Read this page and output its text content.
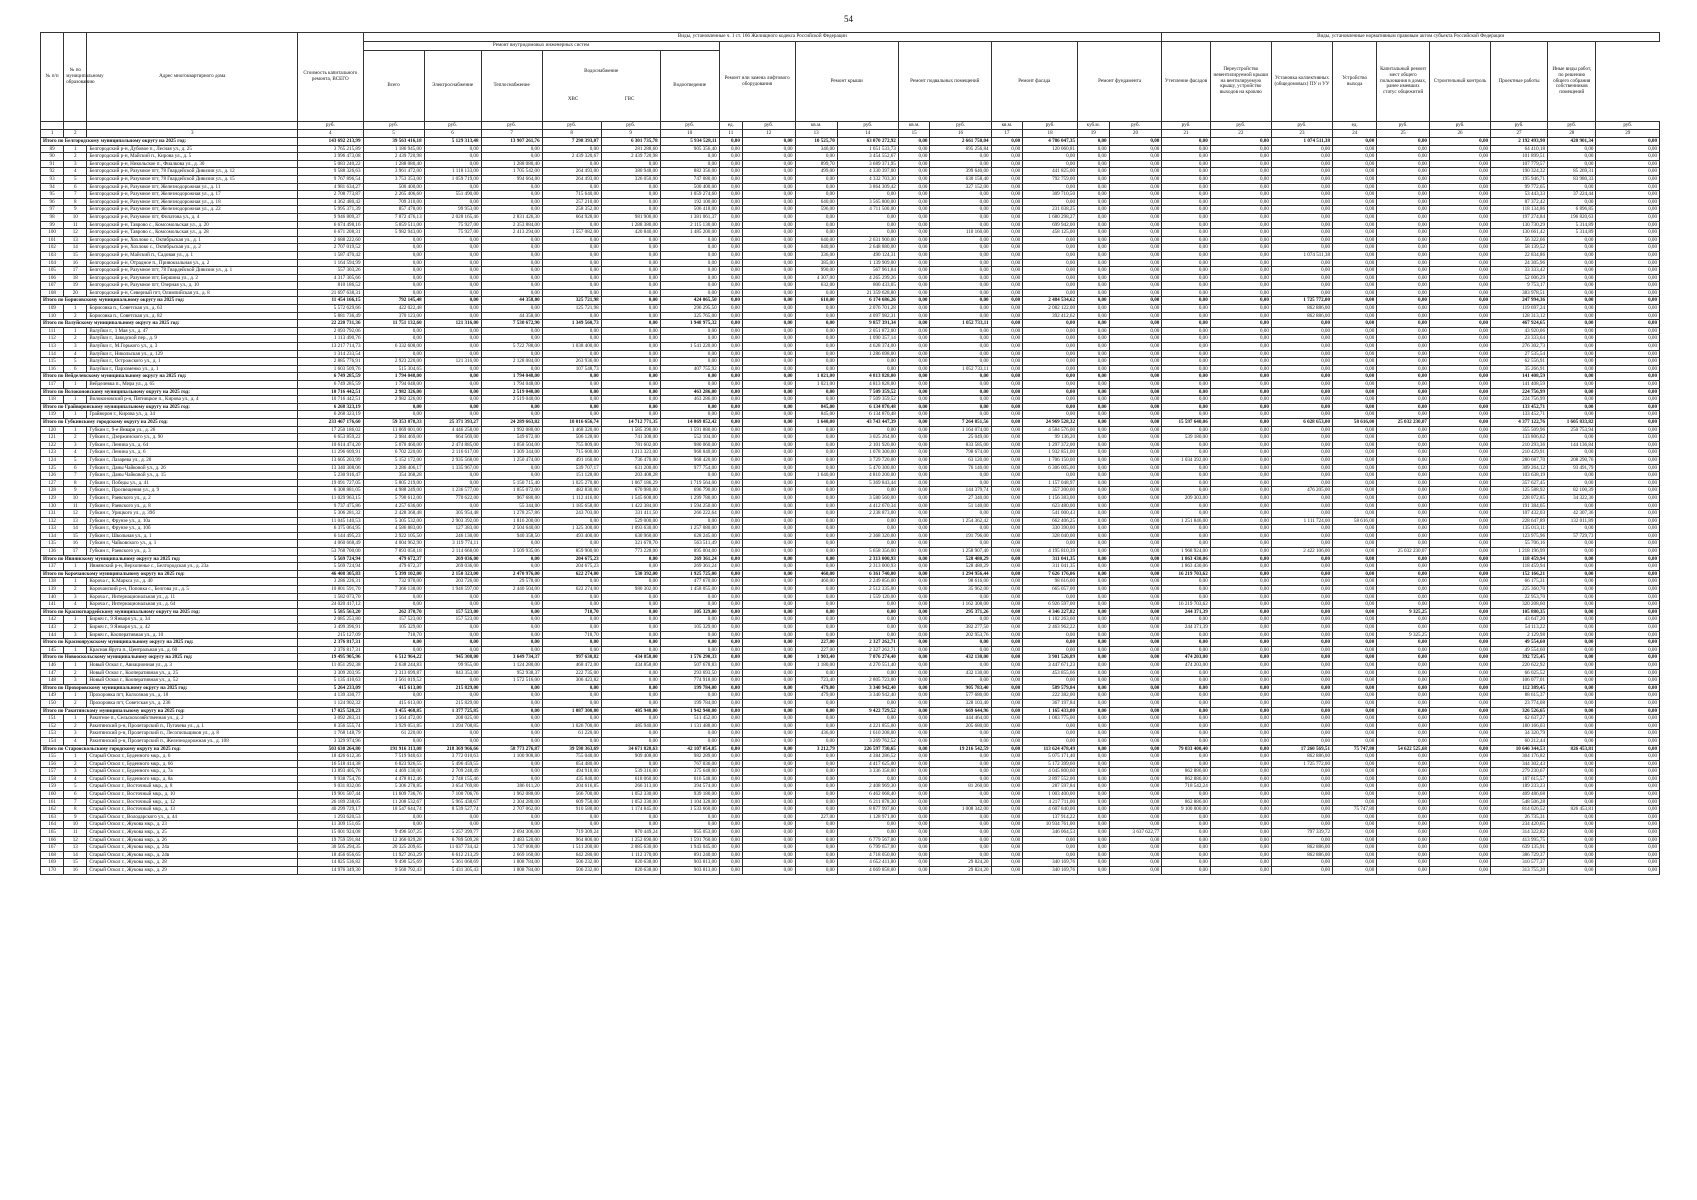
54
№ п/п	№ по муниципальному образованию	Адрес многоквартирного дома	Стоимость капитального ремонта, ВСЕГО	Виды, установленные ч. 1 ст. 166 Жилищного кодекса Российской Федерации																Виды, установленные нормативным правовым актом субъекта Российской Федерации								
				Ремонт внутридомовых инженерных систем						Ремонт или замена лифтового оборудования		Ремонт крыши		Ремонт подвальных помещений		Ремонт фасада		Ремонт фундамента		Утепление фасадов	Переустройство невентилируемой крыши на вентилируемую крышу, устройство выходов на кровлю	Установка коллективных (общедомовых) ПУ и УУ	Устройство выхода	Капитальный ремонт мест общего пользования в домах, ранее имевших статус общежитий	Строительный контроль	Проектные работы	Иные виды работ, по решению общего собрания собственников помещений	
				Всего	Электроснабжение	Теплоснабжение	Водоснабжение
ХВС ГВС		Водоотведение																			

			руб.	руб.	руб.	руб.	руб.	руб.	руб.	ед.	руб.	кв.м.	руб.	кв.м.	руб.	кв.м.	руб.	куб.м.	руб.	руб.	руб.	руб.	ед.	руб.	руб.	руб.	руб.	руб.
1	2	3	4	5	6	7	8	9	10	11	12	13	14	15	16	17	18	19	20	21	22	23	24	25	26	27	28	29
Итого по Белгородскому муниципальному округу на 2025 год:			143 692 213,99	39 563 416,18	5 129 313,48	13 907 261,76	7 298 393,07	6 301 735,78	5 934 528,11	0,00	0,00	10 525,70	63 070 272,92	0,00	2 661 750,04	0,00	4 786 047,35	0,00	0,00	0,00	0,00	1 074 511,38	0,00	0,00	0,00	2 192 493,90	420 901,34	0,00
89	1	Белгородский р-н, Дубовое п., Лесная ул., д. 25	3 765 215,89	1 186 945,00	0,00	0,00	0,00	281 288,60	905 356,40	0,00	0,00	346,00	1 651 533,73	0,00	695 256,84	0,00	120 060,81	0,00	0,00	0,00	0,00	0,00	0,00	0,00	0,00	64 410,18	0,00	0,00
90	2	Белгородский р-н, Майский п., Кирова ул., д. 5	3 996 473,08	2 439 720,98	0,00	0,00	2 439 320,67	2 439 720,98	0,00	0,00	0,00	0,00	3 454 552,67	0,00	0,00	0,00	0,00	0,00	0,00	0,00	0,00	0,00	0,00	0,00	0,00	101 899,51	0,00	0,00
91	3	Белгородский р-н, Никольское п., Фиалкова ул., д. 30	5 083 240,22	1 288 080,40	0,00	1 288 080,40	0,00	0,00	0,00	0,00	0,00	899,70	3 689 371,95	0,00	0,00	0,00	0,00	0,00	0,00	0,00	0,00	0,00	0,00	0,00	0,00	107 779,57	0,00	0,00
92	4	Белгородский р-н, Разумное пгт, 78 Гвардейской Дивизии ул., д. 12	9 588 326,63	3 961 472,00	1 118 133,00	1 705 542,00	264 493,00	380 948,00	882 356,00	0,00	0,00	499,00	4 330 397,00	0,00	399 640,00	0,00	441 825,00	0,00	0,00	0,00	0,00	0,00	0,00	0,00	0,00	190 324,32	85 269,31	0,00
93	5	Белгородский р-н, Разумное пгт, 78 Гвардейской Дивизии ул., д. 15	9 767 896,54	3 753 353,00	1 059 719,00	994 664,00	264 493,00	326 050,00	747 080,00	0,00	0,00	0,00	4 332 703,30	0,00	630 158,40	0,00	792 759,00	0,00	0,00	0,00	0,00	0,00	0,00	0,00	0,00	195 946,71	83 980,33	0,00
94	6	Белгородский р-н, Разумное пгт, Железнодорожная ул., д. 11	4 981 634,27	500 400,00	0,00	0,00	0,00	0,00	500 400,00	0,00	0,00	0,00	3 864 309,42	0,00	327 152,00	0,00	0,00	0,00	0,00	0,00	0,00	0,00	0,00	0,00	0,00	99 772,65	0,00	0,00
95	7	Белгородский р-н, Разумное пгт, Железнодорожная ул., д. 17	2 708 773,87	2 265 406,60	551 490,00	0,00	715 640,00	0,00	1 059 274,60	0,00	0,00	0,00	0,00	0,00	0,00	0,00	309 710,50	0,00	0,00	0,00	0,00	0,00	0,00	0,00	0,00	53 443,33	37 224,44	0,00
96	8	Белгородский р-н, Разумное пгт, Железнодорожная ул., д. 18	4 362 480,42	709 310,00	0,00	0,00	257 210,00	0,00	192 100,00	0,00	0,00	640,00	3 565 800,00	0,00	0,00	0,00	0,00	0,00	0,00	0,00	0,00	0,00	0,00	0,00	0,00	87 372,42	0,00	0,00
97	9	Белгородский р-н, Разумное пгт, Железнодорожная ул., д. 22	5 995 371,39	857 478,00	99 953,00	0,00	258 352,00	0,00	506 418,00	0,00	0,00	596,00	4 711 500,00	0,00	0,00	0,00	231 038,25	0,00	0,00	0,00	0,00	0,00	0,00	0,00	0,00	118 134,86	6 896,85	0,00
98	10	Белгородский р-н, Разумное пгт, Филатова ул., д. 4	9 946 809,37	7 872 476,13	2 028 165,46	2 831 426,30	664 928,00	981 900,00	1 381 061,37	0,00	0,00	0,00	0,00	0,00	0,00	0,00	1 680 298,27	0,00	0,00	0,00	0,00	0,00	0,00	0,00	0,00	197 274,84	196 820,63	0,00
99	11	Белгородский р-н, Таврово с., Комсомольская ул., д. 20	6 674 498,16	5 859 511,00	75 927,00	2 353 884,00	0,00	1 288 380,00	2 115 130,00	0,00	0,00	0,00	0,00	0,00	0,00	0,00	699 942,00	0,00	0,00	0,00	0,00	0,00	0,00	0,00	0,00	130 730,29	5 314,89	0,00
100	12	Белгородский р-н, Таврово с., Комсомольская ул., д. 28	6 671 208,31	5 982 943,00	75 927,00	2 413 294,00	1 557 082,00	420 840,00	1 485 200,00	0,00	0,00	0,00	0,00	0,00	110 160,00	0,00	458 125,00	0,00	0,00	0,00	0,00	0,00	0,00	0,00	0,00	130 661,42	5 314,89	0,00
101	13	Белгородский р-н, Хохлово с., Октябрьская ул., д. 1	2 688 222,60	0,00	0,00	0,00	0,00	0,00	0,00	0,00	0,00	640,00	2 631 900,00	0,00	0,00	0,00	0,00	0,00	0,00	0,00	0,00	0,00	0,00	0,00	0,00	56 322,66	0,00	0,00
102	14	Белгородский р-н, Хохлово с., Октябрьская ул., д. 2	2 707 019,52	0,00	0,00	0,00	0,00	0,00	0,00	0,00	0,00	640,00	2 648 880,00	0,00	0,00	0,00	0,00	0,00	0,00	0,00	0,00	0,00	0,00	0,00	0,00	58 139,52	0,00	0,00
103	15	Белгородский р-н, Майский п., Садовая ул., д. 1	1 587 470,42	0,00	0,00	0,00	0,00	0,00	0,00	0,00	0,00	336,00	490 124,31	0,00	0,00	0,00	0,00	0,00	0,00	0,00	0,00	1 074 511,38	0,00	0,00	0,00	22 834,86	0,00	0,00
104	16	Белгородский р-н, Отрадное п., Привокзальная ул., д. 2	1 164 594,99	0,00	0,00	0,00	0,00	0,00	0,00	0,00	0,00	385,00	1 139 909,00	0,00	0,00	0,00	0,00	0,00	0,00	0,00	0,00	0,00	0,00	0,00	0,00	24 305,96	0,00	0,00
105	17	Белгородский р-н, Разумное пгт, 78 Гвардейской Дивизии ул., д. 1	557 303,26	0,00	0,00	0,00	0,00	0,00	0,00	0,00	0,00	990,00	567 961,84	0,00	0,00	0,00	0,00	0,00	0,00	0,00	0,00	0,00	0,00	0,00	0,00	33 333,42	0,00	0,00
106	18	Белгородский р-н, Разумное пгт, Бершина ул., д. 2	4 317 305,66	0,00	0,00	0,00	0,00	0,00	0,00	0,00	0,00	4 307,00	4 265 299,26	0,00	0,00	0,00	0,00	0,00	0,00	0,00	0,00	0,00	0,00	0,00	0,00	52 006,29	0,00	0,00
107	19	Белгородский р-н, Разумное пгт, Озерная ул., д. 10	810 186,52	0,00	0,00	0,00	0,00	0,00	0,00	0,00	0,00	632,00	800 433,05	0,00	0,00	0,00	0,00	0,00	0,00	0,00	0,00	0,00	0,00	0,00	0,00	9 753,17	0,00	0,00
108	20	Белгородский р-н, Северный пгт, Олимпийская ул., д. 8	21 697 638,31	0,00	0,00	0,00	0,00	0,00	0,00	0,00	0,00	0,00	21 359 628,80	0,00	0,00	0,00	0,00	0,00	0,00	0,00	0,00	0,00	0,00	0,00	0,00	383 978,51	0,00	0,00
Итого по Борисовскому муниципальному округу на 2025 год:			11 454 166,15	792 145,48	0,00	44 358,00	325 721,98	0,00	424 065,50	0,00	0,00	610,00	6 174 686,26	0,00	0,00	0,00	2 484 534,62	0,00	0,00	0,00	0,00	1 725 772,00	0,00	0,00	0,00	247 994,36	0,00	0,00
109	1	Борисовка п., Советская ул., д. 63	5 572 629,66	422 022,48	0,00	0,00	125 721,98	0,00	296 295,50	0,00	0,00	0,00	2 076 701,28	0,00	0,00	0,00	2 082 122,00	0,00	0,00	0,00	0,00	862 886,00	0,00	0,00	0,00	119 697,24	0,00	0,00
110	2	Борисовка п., Советская ул., д. 82	5 881 736,49	370 123,00	0,00	44 358,00	0,00	0,00	325 765,00	0,00	0,00	0,00	4 097 982,31	0,00	0,00	0,00	392 412,62	0,00	0,00	0,00	0,00	862 886,00	0,00	0,00	0,00	128 313,12	0,00	0,00
Итого по Валуйскому муниципальному округу на 2025 год:			22 220 731,36	11 751 132,60	121 316,00	7 530 672,90	1 349 560,73	0,00	1 948 975,32	0,00	0,00	0,00	9 857 391,34	0,00	1 052 733,11	0,00	0,00	0,00	0,00	0,00	0,00	0,00	0,00	0,00	0,00	467 924,65	0,00	0,00
111	1	Валуйки г., 1 Мая ул., д. 47	2 093 792,06	0,00	0,00	0,00	0,00	0,00	0,00	0,00	0,00	0,00	2 051 872,00	0,00	0,00	0,00	0,00	0,00	0,00	0,00	0,00	0,00	0,00	0,00	0,00	43 920,06	0,00	0,00
112	2	Валуйки г., Заводской пер., д. 9	1 113 490,76	0,00	0,00	0,00	0,00	0,00	0,00	0,00	0,00	0,00	1 090 357,14	0,00	0,00	0,00	0,00	0,00	0,00	0,00	0,00	0,00	0,00	0,00	0,00	23 333,64	0,00	0,00
113	3	Валуйки г., М.Горького ул., д. 3	13 217 714,73	6 332 608,00	0,00	5 722 788,00	1 038 400,00	0,00	1 541 220,00	0,00	0,00	0,00	4 628 374,00	0,00	0,00	0,00	0,00	0,00	0,00	0,00	0,00	0,00	0,00	0,00	0,00	276 302,73	0,00	0,00
114	4	Валуйки г., Никольская ул., д. 129	1 314 233,54	0,00	0,00	0,00	0,00	0,00	0,00	0,00	0,00	0,00	1 286 698,00	0,00	0,00	0,00	0,00	0,00	0,00	0,00	0,00	0,00	0,00	0,00	0,00	27 535,54	0,00	0,00
115	5	Валуйки г., Острожского ул., д. 1	2 885 776,91	2 923 220,00	121 316,00	2 128 084,00	263 936,00	0,00	0,00	0,00	0,00	0,00	0,00	0,00	0,00	0,00	0,00	0,00	0,00	0,00	0,00	0,00	0,00	0,00	0,00	62 556,91	0,00	0,00
116	6	Валуйки г., Пархоменко ул., д. 1	1 603 509,76	515 304,65	0,00	0,00	107 548,73	0,00	407 755,92	0,00	0,00	0,00	0,00	0,00	1 052 733,11	0,00	0,00	0,00	0,00	0,00	0,00	0,00	0,00	0,00	0,00	35 266,91	0,00	0,00
Итого по Вейделевскому муниципальному округу на 2025 год:			6 749 285,59	1 794 048,00	0,00	1 794 048,00	0,00	0,00	0,00	0,00	0,00	1 021,00	4 813 828,00	0,00	0,00	0,00	0,00	0,00	0,00	0,00	0,00	0,00	0,00	0,00	0,00	141 408,59	0,00	0,00
117	1	Вейделевка п., Мира ул., д. 65	6 749 285,59	1 794 048,00	0,00	1 794 048,00	0,00	0,00	0,00	0,00	0,00	1 021,00	4 813 828,00	0,00	0,00	0,00	0,00	0,00	0,00	0,00	0,00	0,00	0,00	0,00	0,00	141 408,59	0,00	0,00
Итого по Волоконовскому муниципальному округу на 2025 год:			10 716 442,51	2 982 326,00	0,00	2 519 040,00	0,00	0,00	463 286,00	0,00	0,00	0,00	7 509 359,52	0,00	0,00	0,00	0,00	0,00	0,00	0,00	0,00	0,00	0,00	0,00	0,00	224 756,99	0,00	0,00
118	1	Волоконовский р-н, Пятницкое п., Кирова ул., д. 4	10 716 442,51	2 982 326,00	0,00	2 519 040,00	0,00	0,00	463 286,00	0,00	0,00	0,00	7 509 359,52	0,00	0,00	0,00	0,00	0,00	0,00	0,00	0,00	0,00	0,00	0,00	0,00	224 756,99	0,00	0,00
Итого по Грайворонскому муниципальному округу на 2025 год:			6 268 323,19	0,00	0,00	0,00	0,00	0,00	0,00	0,00	0,00	845,00	6 134 870,48	0,00	0,00	0,00	0,00	0,00	0,00	0,00	0,00	0,00	0,00	0,00	0,00	133 452,71	0,00	0,00
119	1	Грайворон г., Кирова ул., д. 34	6 268 323,19	0,00	0,00	0,00	0,00	0,00	0,00	0,00	0,00	845,00	6 134 870,48	0,00	0,00	0,00	0,00	0,00	0,00	0,00	0,00	0,00	0,00	0,00	0,00	133 452,71	0,00	0,00
Итого по Губкинскому городскому округу на 2025 год:			233 467 176,60	59 353 878,33	25 371 393,27	24 289 663,82	10 016 656,74	14 712 771,35	14 869 852,42	0,00	0,00	1 640,00	43 743 447,39	0,00	7 264 851,56	0,00	24 969 528,32	0,00	0,00	15 597 640,06	0,00	6 028 653,00	58 616,00	25 032 230,07	0,00	4 377 122,76	1 605 833,82	0,00
120	1	Губкин г., 9-е Января ул., д. 26	17 250 186,02	11 069 001,00	4 446 258,00	1 992 080,00	1 468 320,00	1 585 390,00	1 591 880,00	0,00	0,00	0,00	0,00	0,00	1 164 074,00	0,00	4 584 576,00	0,00	0,00	0,00	0,00	0,00	0,00	0,00	0,00	355 509,96	250 753,94	0,00
121	2	Губкин г., Дзержинского ул., д. 90	6 653 859,22	2 984 469,00	664 569,00	549 672,00	506 128,00	741 308,00	552 104,00	0,00	0,00	0,00	3 025 264,00	0,00	25 049,00	0,00	99 136,20	0,00	0,00	539 180,00	0,00	0,00	0,00	0,00	0,00	133 806,62	0,00	0,00
122	3	Губкин г., Ленина ул., д. 64	10 614 474,20	5 070 460,00	2 474 885,00	1 058 504,00	755 809,00	781 602,00	980 060,00	0,00	0,00	0,00	2 101 920,00	0,00	833 585,00	0,00	1 297 372,00	0,00	0,00	0,00	0,00	0,00	0,00	0,00	0,00	210 293,36	144 136,84	0,00
123	4	Губкин г., Ленина ул., д. 6	11 296 609,91	6 702 220,00	2 116 617,00	1 309 344,00	715 600,00	1 213 323,00	968 840,00	0,00	0,00	0,00	1 078 300,00	0,00	798 674,00	0,00	1 932 851,00	0,00	0,00	0,00	0,00	0,00	0,00	0,00	0,00	210 429,91	0,00	0,00
124	5	Губкин г., Лазарева ул., д. 20	13 605 203,99	5 152 172,00	2 935 568,00	1 250 474,00	491 160,00	736 470,00	968 420,00	0,00	0,00	0,00	3 729 720,00	0,00	63 120,00	0,00	1 706 150,00	0,00	0,00	1 034 392,00	0,00	0,00	0,00	0,00	0,00	280 687,70	208 290,76	0,00
125	6	Губкин г., Даны Чайковой ул., д. 26	13 340 308,06	3 286 406,17	1 335 967,00	0,00	539 707,17	631 200,00	977 754,00	0,00	0,00	0,00	5 470 300,00	0,00	76 140,00	0,00	6 306 005,00	0,00	0,00	0,00	0,00	0,00	0,00	0,00	0,00	309 264,12	93 491,79	0,00
126	7	Губкин г., Даны Чайковой ул., д. 15	5 230 916,47	354 368,28	0,00	0,00	151 128,00	203 408,28	0,00	0,00	0,00	1 640,00	4 810 200,00	0,00	0,00	0,00	0,00	0,00	0,00	0,00	0,00	0,00	0,00	0,00	0,00	103 638,19	0,00	0,00
127	8	Губкин г., Победы ул., д. 41	19 091 727,05	5 805 219,00	0,00	5 150 715,40	1 025 270,80	1 067 186,29	1 719 564,00	0,00	0,00	0,00	5 369 843,44	0,00	0,00	0,00	1 157 048,97	0,00	0,00	0,00	0,00	0,00	0,00	0,00	0,00	357 627,45	0,00	0,00
128	9	Губкин г., Просвещения ул., д. 9	6 308 881,05	4 988 249,00	1 236 577,00	1 855 072,00	482 830,00	670 980,00	696 790,00	0,00	0,00	0,00	0,00	0,00	144 379,74	0,00	357 200,00	0,00	0,00	0,00	0,00	476 205,00	0,00	0,00	0,00	125 588,92	82 100,39	0,00
129	10	Губкин г., Раевского ул., д. 2	11 029 963,15	5 790 612,00	770 622,00	967 680,00	1 112 416,00	1 545 608,00	1 299 780,00	0,00	0,00	0,00	3 580 560,00	0,00	27 340,00	0,00	1 156 383,00	0,00	0,00	209 303,00	0,00	0,00	0,00	0,00	0,00	228 072,85	34 322,30	0,00
130	11	Губкин г., Раевского ул., д. 8	9 737 475,86	4 257 636,00	0,00	55 344,00	1 185 658,00	1 422 384,00	1 594 250,00	0,00	0,00	0,00	4 412 670,34	0,00	51 140,00	0,00	623 480,00	0,00	0,00	0,00	0,00	0,00	0,00	0,00	0,00	191 384,65	0,00	0,00
131	12	Губкин г., Урицкого ул., д. 39б	5 306 281,32	2 428 368,48	305 954,48	1 278 257,86	243 703,00	331 411,50	266 222,64	0,00	0,00	0,00	2 238 873,00	0,00	0,00	0,00	541 000,43	0,00	0,00	0,00	0,00	0,00	0,00	0,00	0,00	107 432,03	42 307,36	0,00
132	13	Губкин г., Фрунзе ул., д. 10а	11 045 140,53	5 305 532,00	2 903 392,00	1 816 200,00	0,00	529 000,00	0,00	0,00	0,00	0,00	0,00	0,00	1 254 362,42	0,00	662 406,25	0,00	0,00	1 251 846,00	0,00	1 111 724,00	58 616,00	0,00	0,00	228 647,89	132 011,89	0,00
133	14	Губкин г., Фрунзе ул., д. 10б	6 375 064,95	4 586 883,00	127 383,00	2 504 640,00	1 325 300,00	1 093 630,00	1 257 080,00	0,00	0,00	0,00	0,00	0,00	0,00	0,00	330 390,00	0,00	0,00	0,00	0,00	0,00	0,00	0,00	0,00	135 013,11	0,00	0,00
134	15	Губкин г., Школьная ул., д. 1	6 144 495,23	2 922 105,50	246 130,00	940 358,50	493 400,00	630 960,00	628 245,00	0,00	0,00	0,00	2 368 320,00	0,00	191 796,00	0,00	328 040,00	0,00	0,00	0,00	0,00	0,00	0,00	0,00	0,00	123 975,96	57 729,73	0,00
135	16	Губкин г., Чайковского ул., д. 1	4 060 668,49	4 004 962,90	3 119 774,11	0,00	0,00	321 678,70	563 511,49	0,00	0,00	0,00	0,00	0,00	0,00	0,00	0,00	0,00	0,00	0,00	0,00	0,00	0,00	0,00	0,00	55 706,16	0,00	0,00
136	17	Губкин г., Раевского ул., д. 3	53 768 700,00	7 893 050,18	2 114 668,00	3 509 935,06	859 900,00	773 228,00	895 004,00	0,00	0,00	0,00	5 658 356,00	0,00	1 258 907,40	0,00	4 195 810,39	0,00	0,00	1 968 924,00	0,00	2 422 106,00	0,00	25 032 230,07	0,00	1 218 196,99	0,00	0,00
Итого по Ивнянскому муниципальному округу на 2025 год:			5 569 724,94	479 672,37	269 036,00	0,00	204 675,23	0,00	269 361,24	0,00	0,00	0,00	2 313 000,93	0,00	528 480,29	0,00	311 041,35	0,00	0,00	1 863 430,06	0,00	0,00	0,00	0,00	0,00	118 459,94	0,00	0,00
137	1	Ивнянский р-н, Верхопенье с., Белгородская ул., д. 23а	5 569 724,94	479 672,37	269 036,00	0,00	204 675,23	0,00	269 361,24	0,00	0,00	0,00	2 313 000,93	0,00	528 480,29	0,00	311 041,35	0,00	0,00	1 863 430,06	0,00	0,00	0,00	0,00	0,00	118 459,94	0,00	0,00
Итого по Корочанскому муниципальному округу на 2025 год:			46 408 305,83	5 399 102,00	2 150 323,00	2 470 976,00	622 274,00	530 392,00	1 925 725,00	0,00	0,00	460,00	6 361 740,00	0,00	1 294 956,44	0,00	7 626 176,06	0,00	0,00	16 219 703,62	0,00	0,00	0,00	0,00	0,00	152 166,21	0,00	0,00
138	1	Короча г., К.Маркса ул., д. 40	3 286 226,31	732 970,00	203 726,00	29 578,00	0,00	0,00	477 670,00	0,00	0,00	460,00	2 249 856,00	0,00	98 616,00	0,00	98 616,00	0,00	0,00	0,00	0,00	0,00	0,00	0,00	0,00	66 175,31	0,00	0,00
139	2	Корочанский р-н, Поповка с., Белгова ул., д. 5	10 801 591,70	7 366 138,00	1 946 597,00	2 440 504,00	622 274,00	980 302,00	1 458 055,00	0,00	0,00	0,00	2 512 335,00	0,00	35 962,00	0,00	665 057,00	0,00	0,00	0,00	0,00	0,00	0,00	0,00	0,00	225 360,70	0,00	0,00
140	3	Короча г., Интернациональная ул., д. 11	1 582 073,70	0,00	0,00	0,00	0,00	0,00	0,00	0,00	0,00	0,00	1 559 120,00	0,00	0,00	0,00	0,00	0,00	0,00	0,00	0,00	0,00	0,00	0,00	0,00	22 953,70	0,00	0,00
141	4	Короча г., Интернациональная ул., д. 64	24 020 417,12	0,00	0,00	0,00	0,00	0,00	0,00	0,00	0,00	0,00	0,00	0,00	1 162 308,00	0,00	6 926 597,00	0,00	0,00	16 219 703,62	0,00	0,00	0,00	0,00	0,00	320 208,60	0,00	0,00
Итого по Красногвардейскому муниципальному округу на 2025 год:			5 585 563,20	262 370,70	157 523,00	0,00	718,70	0,00	105 329,00	0,00	0,00	0,00	0,00	0,00	295 371,26	0,00	4 346 227,82	0,00	0,00	244 371,39	0,00	0,00	0,00	9 325,25	0,00	105 880,35	0,00	0,00
142	1	Бирюч г., 9 Января ул., д. 34	2 085 253,80	157 523,00	157 523,00	0,00	0,00	0,00	0,00	0,00	0,00	0,00	0,00	0,00	0,00	0,00	1 182 263,60	0,00	0,00	0,00	0,00	0,00	0,00	0,00	0,00	43 647,20	0,00	0,00
143	2	Бирюч г., 9 Января ул., д. 42	3 499 396,91	105 329,00	0,00	0,00	0,00	0,00	105 329,00	0,00	0,00	0,00	0,00	0,00	382 277,50	0,00	2 463 962,22	0,00	0,00	244 371,39	0,00	0,00	0,00	0,00	0,00	54 113,22	0,00	0,00
144	3	Бирюч г., Кооперативная ул., д. 10	215 127,09	718,70	0,00	0,00	718,70	0,00	0,00	0,00	0,00	0,00	0,00	0,00	202 953,76	0,00	0,00	0,00	0,00	0,00	0,00	0,00	0,00	9 325,25	0,00	2 129,98	0,00	0,00
Итого по Краснояружскому муниципальному округу на 2025 год:			2 376 817,31	0,00	0,00	0,00	0,00	0,00	0,00	0,00	0,00	227,00	2 327 262,71	0,00	0,00	0,00	0,00	0,00	0,00	0,00	0,00	0,00	0,00	0,00	0,00	49 554,60	0,00	0,00
145	1	Красная Яруга п., Центральная ул., д. 60	2 376 817,31	0,00	0,00	0,00	0,00	0,00	0,00	0,00	0,00	227,00	2 327 262,71	0,00	0,00	0,00	0,00	0,00	0,00	0,00	0,00	0,00	0,00	0,00	0,00	49 554,60	0,00	0,00
Итого по Новооскольскому муниципальному округу на 2025 год:			19 495 905,96	6 512 964,22	945 308,00	3 649 734,37	997 630,82	434 858,00	1 576 290,33	0,00	0,00	1 903,40	7 076 274,40	0,00	432 130,00	0,00	3 901 526,89	0,00	0,00	474 203,00	0,00	0,00	0,00	0,00	0,00	392 725,45	0,00	0,00
146	1	Новый Оскол г., Авиационная ул., д. 3	11 051 292,38	2 638 244,83	99 955,00	1 124 280,00	468 472,00	434 858,00	507 678,83	0,00	0,00	1 180,00	4 270 551,40	0,00	0,00	0,00	3 447 671,23	0,00	0,00	474 203,00	0,00	0,00	0,00	0,00	0,00	220 622,92	0,00	0,00
147	2	Новый Оскол г., Кооперативная ул., д. 25	3 309 203,95	2 313 699,87	843 353,00	952 938,37	222 735,00	0,00	293 693,50	0,00	0,00	0,00	0,00	0,00	432 130,00	0,00	453 855,66	0,00	0,00	0,00	0,00	0,00	0,00	0,00	0,00	66 025,52	0,00	0,00
148	3	Новый Оскол г., Кооперативная ул., д. 52	5 135 410,63	1 561 019,52	0,00	1 572 516,00	306 423,82	0,00	774 918,00	0,00	0,00	723,40	2 805 723,00	0,00	0,00	0,00	0,00	0,00	0,00	0,00	0,00	0,00	0,00	0,00	0,00	106 077,01	0,00	0,00
Итого по Прохоровскому муниципальному округу на 2025 год:			5 264 233,09	415 613,00	215 829,00	0,00	0,00	0,00	199 784,00	0,00	0,00	479,00	3 340 942,40	0,00	905 783,40	0,00	589 579,84	0,00	0,00	0,00	0,00	0,00	0,00	0,00	0,00	112 389,45	0,00	0,00
149	1	Прохоровка пгт, Колхозная ул., д. 18	4 139 330,77	0,00	0,00	0,00	0,00	0,00	0,00	0,00	0,00	479,00	3 340 942,40	0,00	577 680,00	0,00	222 382,00	0,00	0,00	0,00	0,00	0,00	0,00	0,00	0,00	88 615,37	0,00	0,00
150	2	Прохоровка пгт, Советская ул., д. 236	1 124 902,32	415 613,00	215 829,00	0,00	0,00	0,00	199 784,00	0,00	0,00	0,00	0,00	0,00	328 103,40	0,00	367 197,84	0,00	0,00	0,00	0,00	0,00	0,00	0,00	0,00	23 774,08	0,00	0,00
Итого по Ракитянскому муниципальному округу на 2025 год:			17 025 520,23	3 455 468,85	1 377 725,85	0,00	1 087 300,00	485 940,00	1 942 940,00	0,00	0,00	0,00	9 422 729,52	0,00	669 644,96	0,00	1 165 433,00	0,00	0,00	0,00	0,00	0,00	0,00	0,00	0,00	326 526,65	0,00	0,00
151	1	Ракитное п., Сельскохозяйственная ул., д. 2	3 092 283,31	1 564 472,00	208 025,00	0,00	0,00	0,00	511 452,00	0,00	0,00	0,00	0,00	0,00	444 464,00	0,00	1 083 775,00	0,00	0,00	0,00	0,00	0,00	0,00	0,00	0,00	62 637,27	0,00	0,00
152	2	Ракитянский р-н, Пролетарский п., Пугачева ул., д. 1	8 356 555,74	3 929 051,85	1 294 708,85	0,00	1 026 700,00	485 940,00	1 131 488,00	0,00	0,00	0,00	4 221 855,00	0,00	205 680,00	0,00	0,00	0,00	0,00	0,00	0,00	0,00	0,00	0,00	0,00	180 166,03	0,00	0,00
153	3	Ракитянский р-н, Пролетарский п., Лесопильщиков ул., д. 8	1 768 148,79	61 220,00	0,00	0,00	61 220,00	0,00	0,00	0,00	0,00	436,00	1 610 208,00	0,00	0,00	0,00	0,00	0,00	0,00	0,00	0,00	0,00	0,00	0,00	0,00	34 320,79	0,00	0,00
154	4	Ракитянский р-н, Пролетарский п., Железнодорожная ул., д. 108	3 329 974,96	0,00	0,00	0,00	0,00	0,00	0,00	0,00	0,00	0,00	3 269 762,52	0,00	0,00	0,00	0,00	0,00	0,00	0,00	0,00	0,00	0,00	0,00	0,00	60 212,44	0,00	0,00
Итого по Старооскольскому городскому округу на 2025 год:			503 630 264,80	191 916 313,08	218 369 966,66	58 773 276,87	39 598 363,69	34 671 828,63	42 107 054,85	0,00	0,00	3 212,79	226 597 730,65	0,00	19 216 542,59	0,00	113 624 478,49	0,00	0,00	79 033 400,40	0,00	17 260 569,51	75 747,80	54 622 525,68	0,00	10 646 344,53	826 453,81	0,00
155	1	Старый Оскол г., Буденного мкр., д. 6	18 426 612,36	7 519 940,63	3 772 010,63	1 100 908,80	755 040,00	909 408,00	982 289,00	0,00	0,00	0,00	4 384 286,52	0,00	0,00	0,00	5 075 171,40	0,00	0,00	0,00	0,00	862 886,00	0,00	0,00	0,00	304 176,82	0,00	0,00
156	2	Старый Оскол г., Буденного мкр., д. 66	16 518 414,38	6 823 926,55	5 496 459,55	0,00	654 480,00	0,00	767 036,00	0,00	0,00	0,00	4 417 625,00	0,00	0,00	0,00	5 172 399,60	0,00	0,00	0,00	0,00	1 725 772,00	0,00	0,00	0,00	344 302,43	0,00	0,00
157	3	Старый Оскол г., Буденного мкр., д. 7а	13 893 405,76	4 469 130,00	2 709 248,49	0,00	494 918,00	539 316,00	375 648,00	0,00	0,00	0,00	3 336 358,00	0,00	0,00	0,00	4 045 800,60	0,00	0,00	862 886,00	0,00	0,00	0,00	0,00	0,00	279 230,67	0,00	0,00
158	4	Старый Оскол г., Буденного мкр., д. 8а	9 938 754,76	4 478 812,46	2 748 155,46	0,00	435 840,00	618 060,00	616 548,00	0,00	0,00	0,00	0,00	0,00	0,00	0,00	3 897 552,00	0,00	0,00	862 886,00	0,00	0,00	0,00	0,00	0,00	187 615,57	0,00	0,00
159	5	Старый Оскол г., Восточный мкр., д. 8	9 031 832,06	5 306 278,85	3 654 769,80	386 011,20	204 616,85	266 313,00	394 574,00	0,00	0,00	0,00	2 408 969,30	0,00	81 260,00	0,00	287 597,84	0,00	0,00	718 542,24	0,00	0,00	0,00	0,00	0,00	189 233,23	0,00	0,00
160	6	Старый Оскол г., Восточный мкр., д. 10	19 901 507,44	11 609 736,76	7 100 706,76	1 962 088,00	566 700,00	1 052 330,00	939 180,00	0,00	0,00	0,00	6 462 068,40	0,00	0,00	0,00	1 003 400,00	0,00	0,00	0,00	0,00	0,00	0,00	0,00	0,00	409 486,68	0,00	0,00
161	7	Старый Оскол г., Восточный мкр., д. 12	26 189 238,05	11 208 532,67	5 965 438,67	2 304 280,00	609 750,00	1 052 330,00	1 104 328,00	0,00	0,00	0,00	6 211 878,30	0,00	0,00	0,00	4 217 711,00	0,00	0,00	862 886,00	0,00	0,00	0,00	0,00	0,00	548 506,28	0,00	0,00
162	8	Старый Оскол г., Восточный мкр., д. 13	40 299 729,17	18 547 644,74	8 539 527,74	2 707 062,00	910 580,00	1 174 845,00	1 533 660,00	0,00	0,00	0,00	8 877 997,60	0,00	1 008 342,00	0,00	4 607 840,00	0,00	0,00	9 100 000,00	0,00	0,00	75 747,80	0,00	0,00	814 026,52	826 453,81	0,00
163	9	Старый Оскол г., Володарского ул., д. 44	1 293 620,53	0,00	0,00	0,00	0,00	0,00	0,00	0,00	0,00	227,00	1 128 971,00	0,00	0,00	0,00	137 914,22	0,00	0,00	0,00	0,00	0,00	0,00	0,00	0,00	26 735,31	0,00	0,00
164	10	Старый Оскол г., Жукова мкр., д. 23	11 309 151,65	0,00	0,00	0,00	0,00	0,00	0,00	0,00	0,00	0,00	0,00	0,00	0,00	0,00	10 934 761,00	0,00	0,00	0,00	0,00	0,00	0,00	0,00	0,00	234 420,65	0,00	0,00
165	11	Старый Оскол г., Жукова мкр., д. 25	15 001 924,08	9 496 507,25	5 257 399,77	2 694 306,00	719 309,24	870 449,24	955 053,00	0,00	0,00	0,00	0,00	0,00	0,00	0,00	346 064,53	0,00	3 637 622,77	0,00	0,00	797 339,72	0,00	0,00	0,00	314 322,82	0,00	0,00
166	12	Старый Оскол г., Жукова мкр., д. 26	19 759 591,84	12 366 029,28	6 789 509,28	2 483 520,00	964 800,00	1 252 690,00	1 591 760,00	0,00	0,00	0,00	6 779 567,00	0,00	0,00	0,00	0,00	0,00	0,00	0,00	0,00	0,00	0,00	0,00	0,00	413 995,75	0,00	0,00
167	13	Старый Оскол г., Жукова мкр., д. 24а	30 505 294,35	20 325 209,65	11 037 734,42	3 747 600,00	1 511 200,00	2 085 630,00	1 943 045,00	0,00	0,00	0,00	6 799 657,00	0,00	0,00	0,00	0,00	0,00	0,00	0,00	0,00	862 886,00	0,00	0,00	0,00	639 135,91	0,00	0,00
168	14	Старый Оскол г., Жукова мкр., д. 24в	18 456 656,65	11 927 263,29	6 612 213,29	2 669 160,00	642 280,00	1 112 370,00	891 240,00	0,00	0,00	0,00	4 718 050,00	0,00	0,00	0,00	0,00	0,00	0,00	0,00	0,00	862 886,00	0,00	0,00	0,00	386 729,37	0,00	0,00
169	15	Старый Оскол г., Жукова мкр., д. 28	14 825 536,82	9 490 525,69	5 361 068,69	1 808 784,00	506 232,00	820 638,00	903 813,00	0,00	0,00	0,00	4 652 411,80	0,00	29 824,20	0,00	340 169,76	0,00	0,00	0,00	0,00	0,00	0,00	0,00	0,00	310 577,37	0,00	0,00
170	16	Старый Оскол г., Жукова мкр., д. 29	14 976 349,30	9 560 792,43	5 431 305,43	1 808 784,00	506 232,00	820 638,00	903 813,00	0,00	0,00	0,00	4 669 858,00	0,00	29 824,20	0,00	340 169,76	0,00	0,00	0,00	0,00	0,00	0,00	0,00	0,00	313 755,20	0,00	0,00
